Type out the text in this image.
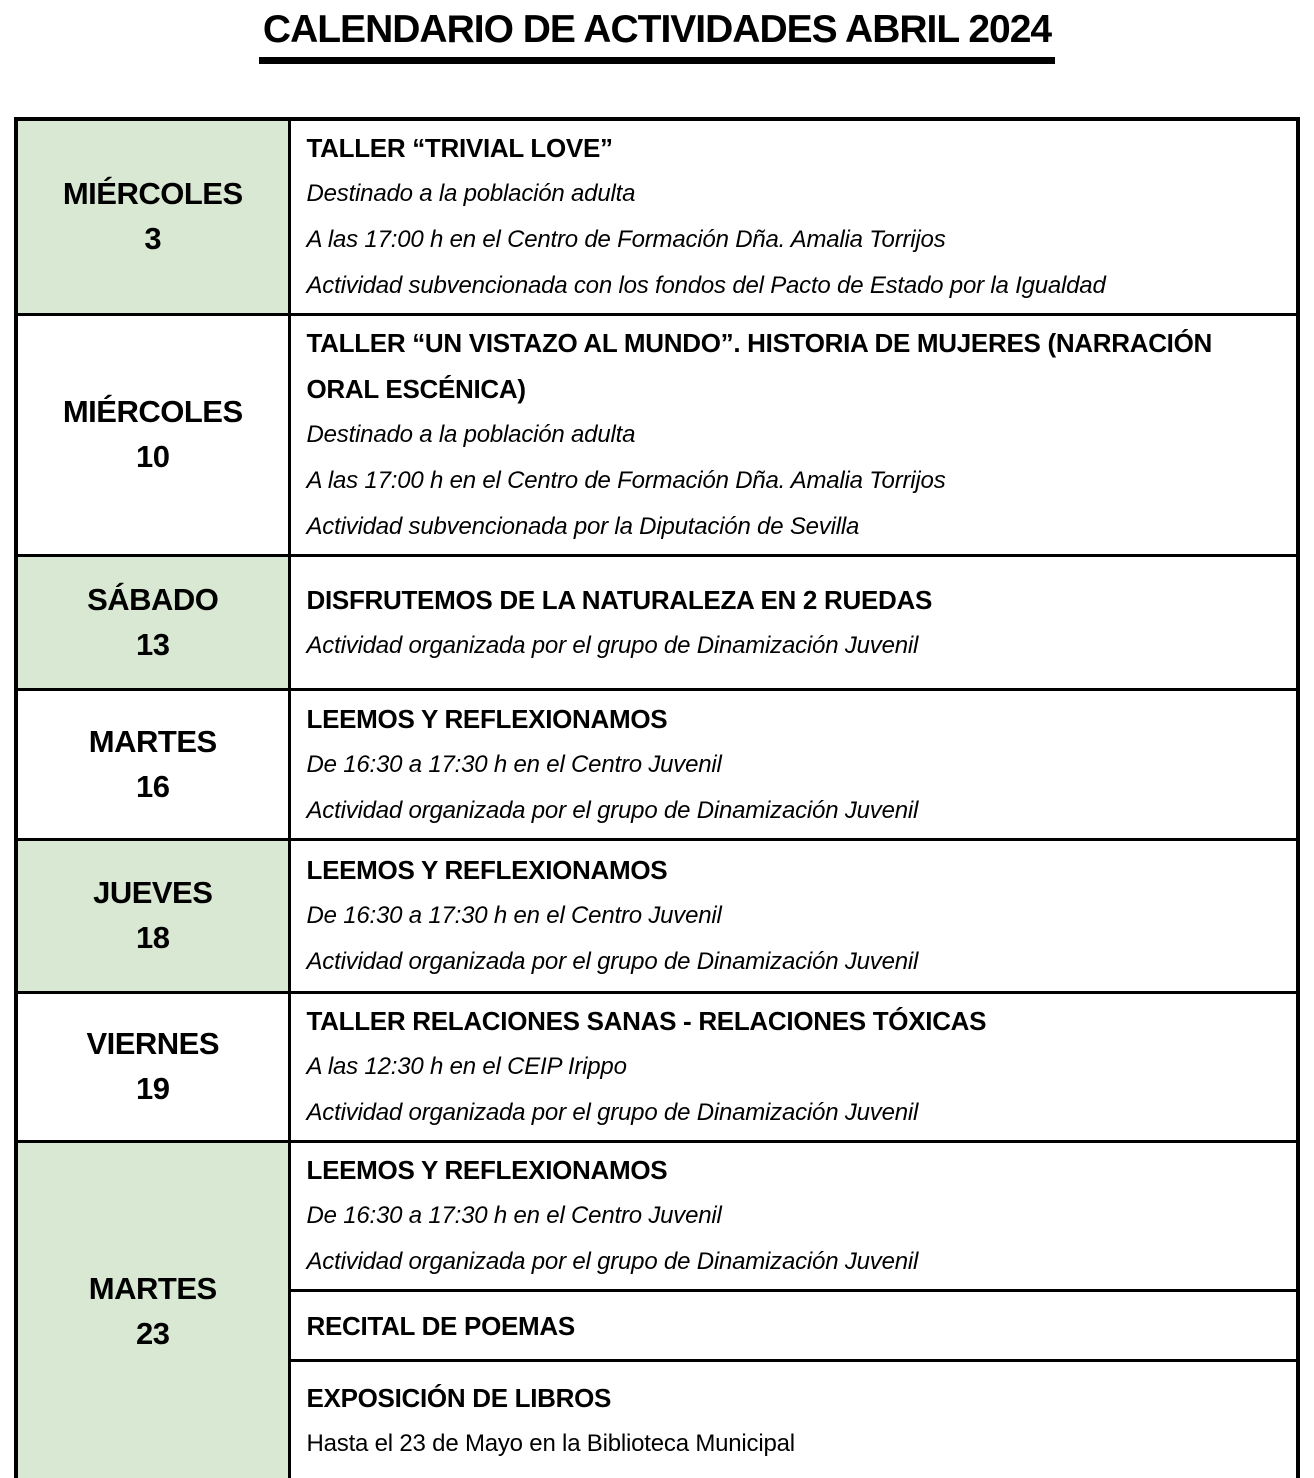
CALENDARIO DE ACTIVIDADES ABRIL 2024
MIÉRCOLES
3

TALLER “TRIVIAL LOVE”
Destinado a la población adulta
A las 17:00 h en el Centro de Formación Dña. Amalia Torrijos
Actividad subvencionada con los fondos del Pacto de Estado por la Igualdad

MIÉRCOLES
10

TALLER “UN VISTAZO AL MUNDO”. HISTORIA DE MUJERES (NARRACIÓN ORAL ESCÉNICA)
Destinado a la población adulta
A las 17:00 h en el Centro de Formación Dña. Amalia Torrijos
Actividad subvencionada por la Diputación de Sevilla

SÁBADO
13

DISFRUTEMOS DE LA NATURALEZA EN 2 RUEDAS
Actividad organizada por el grupo de Dinamización Juvenil

MARTES
16

LEEMOS Y REFLEXIONAMOS
De 16:30 a 17:30 h en el Centro Juvenil
Actividad organizada por el grupo de Dinamización Juvenil

JUEVES
18

LEEMOS Y REFLEXIONAMOS
De 16:30 a 17:30 h en el Centro Juvenil
Actividad organizada por el grupo de Dinamización Juvenil

VIERNES
19

TALLER RELACIONES SANAS - RELACIONES TÓXICAS
A las 12:30 h en el CEIP Irippo
Actividad organizada por el grupo de Dinamización Juvenil

MARTES
23

LEEMOS Y REFLEXIONAMOS
De 16:30 a 17:30 h en el Centro Juvenil
Actividad organizada por el grupo de Dinamización Juvenil

	RECITAL DE POEMAS

	EXPOSICIÓN DE LIBROS
Hasta el 23 de Mayo en la Biblioteca Municipal
